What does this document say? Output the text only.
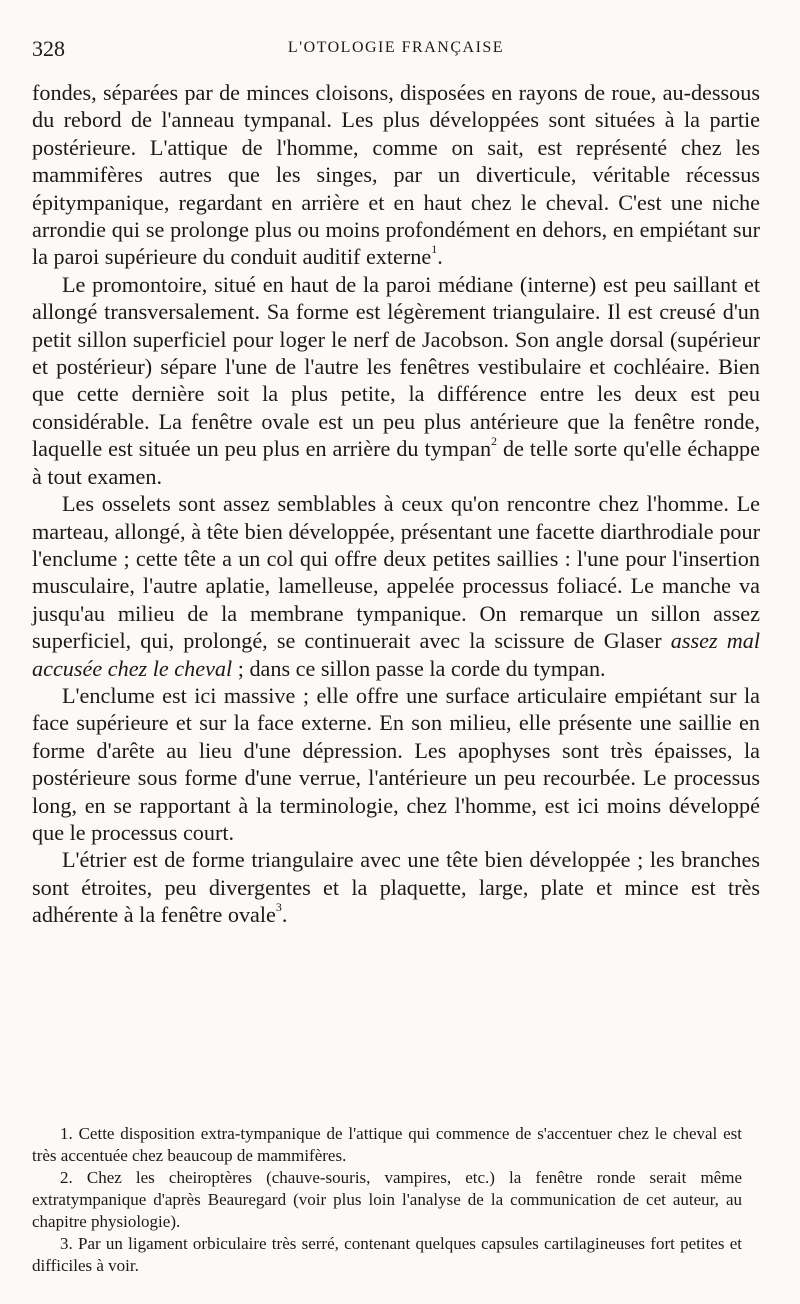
328	L'OTOLOGIE FRANÇAISE

fondes, séparées par de minces cloisons, disposées en rayons de roue, au-dessous du rebord de l'anneau tympanal. Les plus développées sont situées à la partie postérieure. L'attique de l'homme, comme on sait, est représenté chez les mammifères autres que les singes, par un diverticule, véritable récessus épitympanique, regardant en arrière et en haut chez le cheval. C'est une niche arrondie qui se prolonge plus ou moins profondément en dehors, en empiétant sur la paroi supérieure du conduit auditif externe$^1$.

Le promontoire, situé en haut de la paroi médiane (interne) est peu saillant et allongé transversalement. Sa forme est légèrement triangulaire. Il est creusé d'un petit sillon superficiel pour loger le nerf de Jacobson. Son angle dorsal (supérieur et postérieur) sépare l'une de l'autre les fenêtres vestibulaire et cochléaire. Bien que cette dernière soit la plus petite, la différence entre les deux est peu considérable. La fenêtre ovale est un peu plus antérieure que la fenêtre ronde, laquelle est située un peu plus en arrière du tympan$^2$ de telle sorte qu'elle échappe à tout examen.

Les osselets sont assez semblables à ceux qu'on rencontre chez l'homme. Le marteau, allongé, à tête bien développée, présentant une facette diarthrodiale pour l'enclume ; cette tête a un col qui offre deux petites saillies : l'une pour l'insertion musculaire, l'autre aplatie, lamelleuse, appelée processus foliacé. Le manche va jusqu'au milieu de la membrane tympanique. On remarque un sillon assez superficiel, qui, prolongé, se continuerait avec la scissure de Glaser assez mal accusée chez le cheval ; dans ce sillon passe la corde du tympan.

L'enclume est ici massive ; elle offre une surface articulaire empiétant sur la face supérieure et sur la face externe. En son milieu, elle présente une saillie en forme d'arête au lieu d'une dépression. Les apophyses sont très épaisses, la postérieure sous forme d'une verrue, l'antérieure un peu recourbée. Le processus long, en se rapportant à la terminologie, chez l'homme, est ici moins développé que le processus court.

L'étrier est de forme triangulaire avec une tête bien développée ; les branches sont étroites, peu divergentes et la plaquette, large, plate et mince est très adhérente à la fenêtre ovale$^3$.

1. Cette disposition extra-tympanique de l'attique qui commence de s'accentuer chez le cheval est très accentuée chez beaucoup de mammifères.

2. Chez les cheiroptères (chauve-souris, vampires, etc.) la fenêtre ronde serait même extratympanique d'après Beauregard (voir plus loin l'analyse de la communication de cet auteur, au chapitre physiologie).

3. Par un ligament orbiculaire très serré, contenant quelques capsules cartilagineuses fort petites et difficiles à voir.
